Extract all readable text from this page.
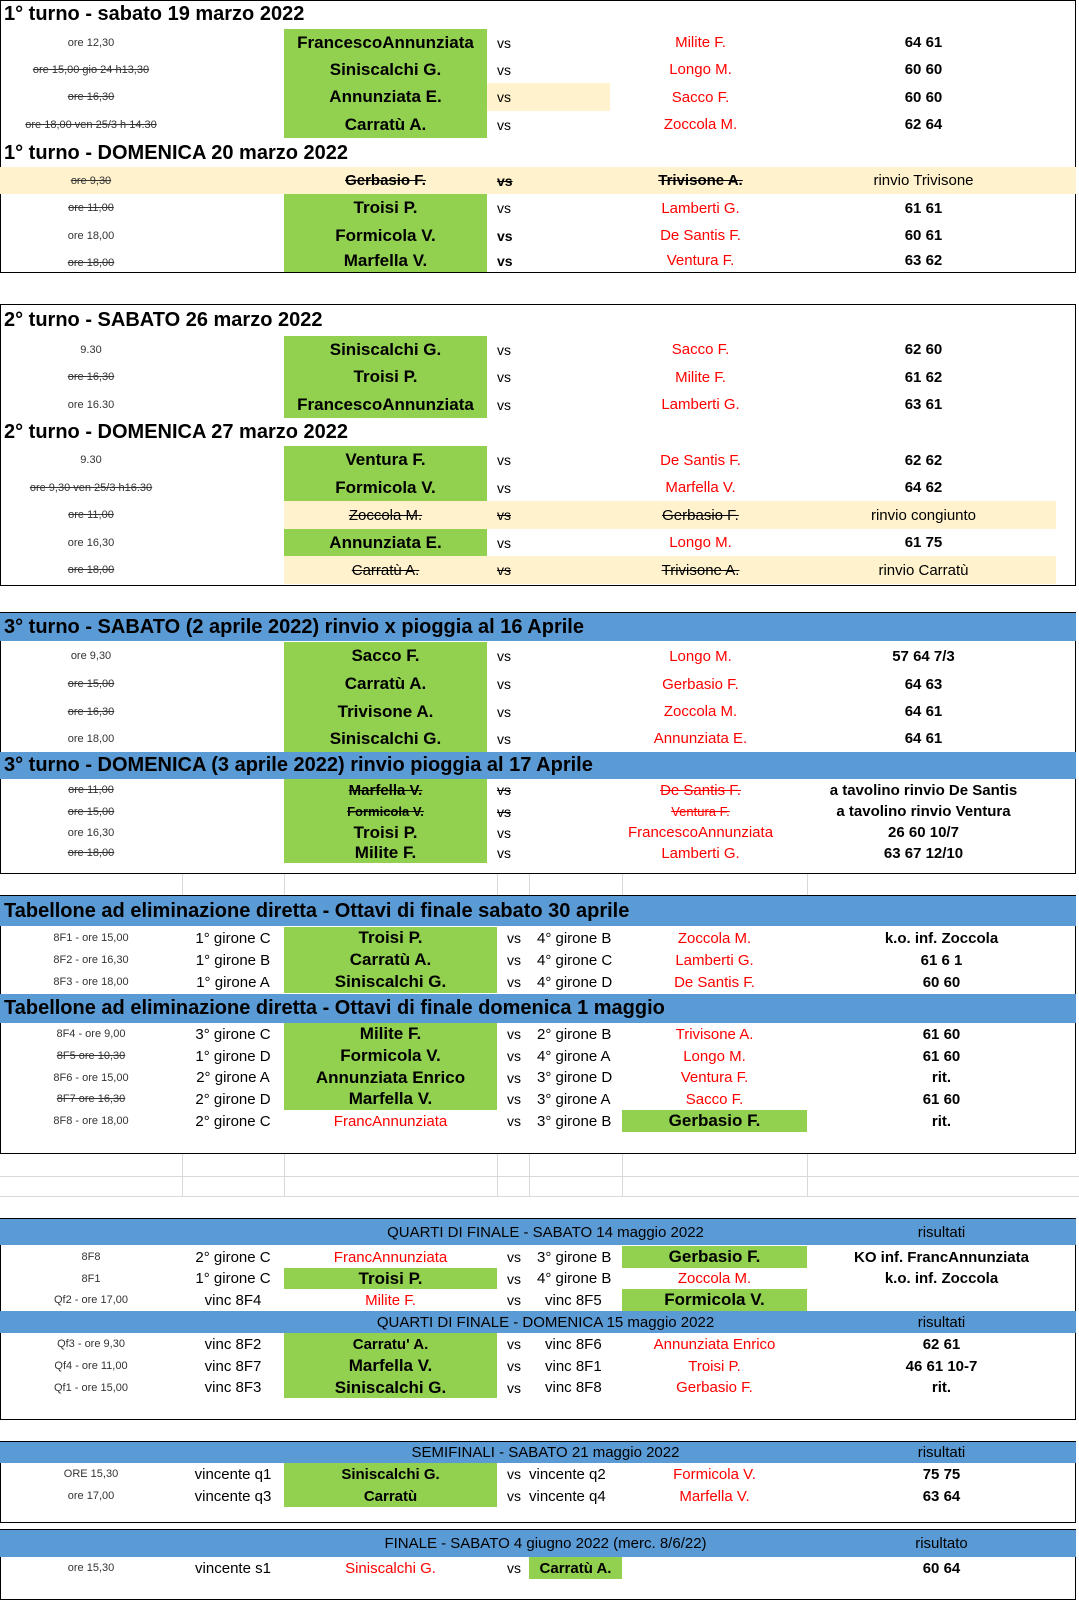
1° turno - sabato 19 marzo 2022
ore 12,30	FrancescoAnnunziata	vs	Milite F.	64 61
ore 15,00 gio 24 h13,30	Siniscalchi G.	vs	Longo M.	60 60
ore 16,30	Annunziata E.	vs	Sacco F.	60 60
ore 18,00 ven 25/3 h 14.30	Carratù A.	vs	Zoccola M.	62 64
1° turno - DOMENICA 20 marzo 2022
ore 9,30	Gerbasio F.	vs	Trivisone A.	rinvio Trivisone
ore 11,00	Troisi P.	vs	Lamberti G.	61 61
ore 18,00	Formicola V.	vs	De Santis F.	60 61
ore 18,00	Marfella V.	vs	Ventura F.	63 62
2° turno - SABATO 26 marzo 2022
9.30	Siniscalchi G.	vs	Sacco F.	62 60
ore 16,30	Troisi P.	vs	Milite F.	61 62
ore 16.30	FrancescoAnnunziata	vs	Lamberti G.	63 61
2° turno - DOMENICA 27 marzo 2022
9.30	Ventura F.	vs	De Santis F.	62 62
ore 9,30 ven 25/3 h16.30	Formicola V.	vs	Marfella V.	64 62
ore 11,00	Zoccola M.	vs	Gerbasio F.	rinvio congiunto
ore 16,30	Annunziata E.	vs	Longo M.	61 75
ore 18,00	Carratù A.	vs	Trivisone A.	rinvio Carratù
3° turno - SABATO (2 aprile 2022) rinvio x pioggia al 16 Aprile
ore 9,30	Sacco F.	vs	Longo M.	57 64 7/3
ore 15,00	Carratù A.	vs	Gerbasio F.	64 63
ore 16,30	Trivisone A.	vs	Zoccola M.	64 61
ore 18,00	Siniscalchi G.	vs	Annunziata E.	64 61
3° turno - DOMENICA (3 aprile 2022) rinvio pioggia al 17 Aprile
ore 11,00	Marfella V.	vs	De Santis F.	a tavolino rinvio De Santis
ore 15,00	Formicola V.	vs	Ventura F.	a tavolino rinvio Ventura
ore 16,30	Troisi P.	vs	FrancescoAnnunziata	26 60 10/7
ore 18,00	Milite F.	vs	Lamberti G.	63 67 12/10
Tabellone ad eliminazione diretta - Ottavi di finale sabato 30 aprile
8F1 - ore 15,00	1° girone C	Troisi P.	vs	4° girone B	Zoccola M.	k.o. inf. Zoccola
8F2 - ore 16,30	1° girone B	Carratù A.	vs	4° girone C	Lamberti G.	61 6 1
8F3 - ore 18,00	1° girone A	Siniscalchi G.	vs	4° girone D	De Santis F.	60 60
Tabellone ad eliminazione diretta - Ottavi di finale domenica 1 maggio
8F4 - ore 9,00	3° girone C	Milite F.	vs	2° girone B	Trivisone A.	61 60
8F5 ore 10,30	1° girone D	Formicola V.	vs	4° girone A	Longo M.	61 60
8F6 - ore 15,00	2° girone A	Annunziata Enrico	vs	3° girone D	Ventura F.	rit.
8F7 ore 16,30	2° girone D	Marfella V.	vs	3° girone A	Sacco F.	61 60
8F8 - ore 18,00	2° girone C	FrancAnnunziata	vs	3° girone B	Gerbasio F.	rit.
QUARTI DI FINALE - SABATO 14 maggio 2022	risultati
8F8	2° girone C	FrancAnnunziata	vs	3° girone B	Gerbasio F.	KO inf. FrancAnnunziata
8F1	1° girone C	Troisi P.	vs	4° girone B	Zoccola M.	k.o. inf. Zoccola
Qf2 - ore 17,00	vinc 8F4	Milite F.	vs	vinc 8F5	Formicola V.
QUARTI DI FINALE - DOMENICA 15 maggio 2022	risultati
Qf3 - ore 9,30	vinc 8F2	Carratu' A.	vs	vinc 8F6	Annunziata Enrico	62 61
Qf4 - ore 11,00	vinc 8F7	Marfella V.	vs	vinc 8F1	Troisi P.	46 61 10-7
Qf1 - ore 15,00	vinc 8F3	Siniscalchi G.	vs	vinc 8F8	Gerbasio F.	rit.
SEMIFINALI - SABATO 21 maggio 2022	risultati
ORE 15,30	vincente q1	Siniscalchi G.	vs vincente q2	Formicola V.	75 75
ore 17,00	vincente q3	Carratù	vs vincente q4	Marfella V.	63 64
FINALE - SABATO 4 giugno 2022 (merc. 8/6/22)	risultato
ore 15,30	vincente s1	Siniscalchi G.	vs	Carratù A.	60 64
